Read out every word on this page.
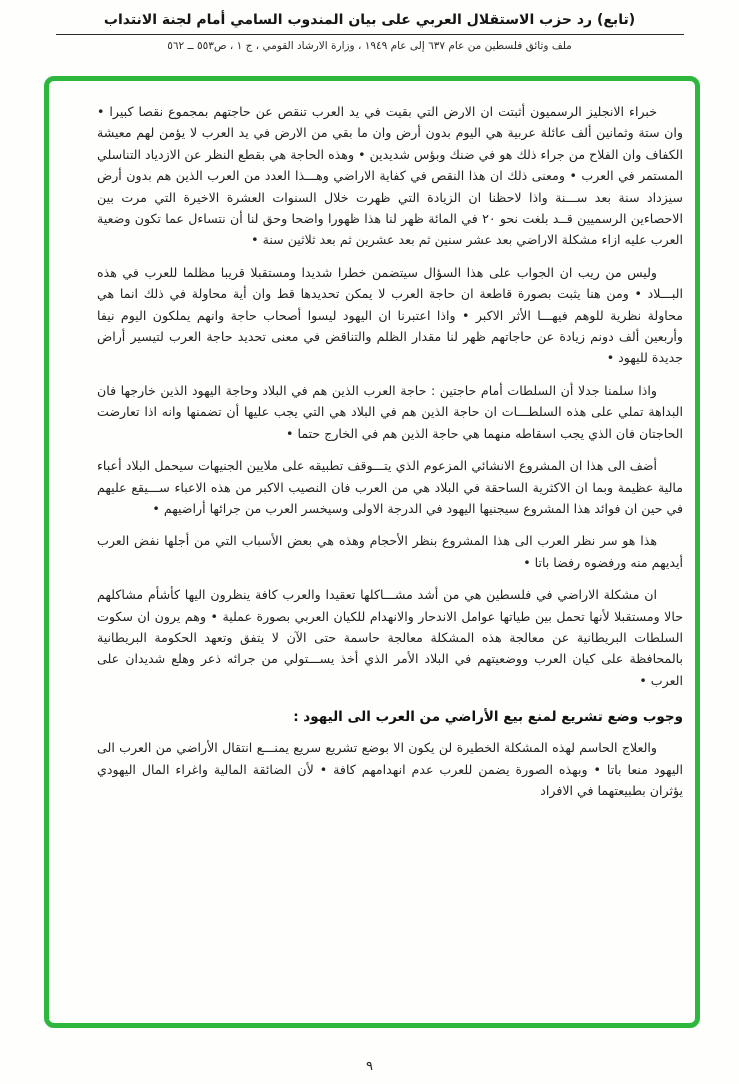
(تابع) رد حزب الاستقلال العربي على بيان المندوب السامي أمام لجنة الانتداب
ملف وثائق فلسطين من عام ٦٣٧ إلى عام ١٩٤٩ ، وزارة الارشاد القومي ، ج ١ ، ص٥٥٣ ــ ٥٦٢

خبراء الانجليز الرسميون أثبتت ان الارض التي بقيت في يد العرب تنقص عن حاجتهم بمجموع نقصا كبيرا • وان ستة وثمانين ألف عائلة عربية هي اليوم بدون أرض وان ما بقي من الارض في يد العرب لا يؤمن لهم معيشة الكفاف وان الفلاح من جراء ذلك هو في ضنك وبؤس شديدين • وهذه الحاجة هي بقطع النظر عن الازدياد التناسلي المستمر في العرب • ومعنى ذلك ان هذا النقص في كفاية الاراضي وهـــذا العدد من العرب الذين هم بدون أرض سيزداد سنة بعد ســـنة واذا لاحظنا ان الزيادة التي ظهرت خلال السنوات العشرة الاخيرة التي مرت بين الاحصاءين الرسميين قــد بلغت نحو ٢٠ في المائة ظهر لنا هذا ظهورا واضحا وحق لنا أن نتساءل عما تكون وضعية العرب عليه ازاء مشكلة الاراضي بعد عشر سنين ثم بعد عشرين ثم بعد ثلاثين سنة •

وليس من ريب ان الجواب على هذا السؤال سيتضمن خطرا شديدا ومستقبلا قريبا مظلما للعرب في هذه البـــلاد • ومن هنا يثبت بصورة قاطعة ان حاجة العرب لا يمكن تحديدها قط وان أية محاولة في ذلك انما هي محاولة نظرية للوهم فيهـــا الأثر الاكبر • واذا اعتبرنا ان اليهود ليسوا أصحاب حاجة وانهم يملكون اليوم نيفا وأربعين ألف دونم زيادة عن حاجاتهم ظهر لنا مقدار الظلم والتناقض في معنى تحديد حاجة العرب لتيسير أراض جديدة لليهود •

واذا سلمنا جدلا أن السلطات أمام حاجتين : حاجة العرب الذين هم في البلاد وحاجة اليهود الذين خارجها فان البداهة تملي على هذه السلطـــات ان حاجة الذين هم في البلاد هي التي يجب عليها أن تضمنها وانه اذا تعارضت الحاجتان فان الذي يجب اسقاطه منهما هي حاجة الذين هم في الخارج حتما •

أضف الى هذا ان المشروع الانشائي المزعوم الذي يتـــوقف تطبيقه على ملايين الجنيهات سيحمل البلاد أعباء مالية عظيمة وبما ان الاكثرية الساحقة في البلاد هي من العرب فان النصيب الاكبر من هذه الاعباء ســـيقع عليهم في حين ان فوائد هذا المشروع سيجنيها اليهود في الدرجة الاولى وسيخسر العرب من جرائها أراضيهم •

هذا هو سر نظر العرب الى هذا المشروع بنظر الأحجام وهذه هي بعض الأسباب التي من أجلها نفض العرب أيديهم منه ورفضوه رفضا باتا •

ان مشكلة الاراضي في فلسطين هي من أشد مشـــاكلها تعقيدا والعرب كافة ينظرون اليها كأشأم مشاكلهم حالا ومستقبلا لأنها تحمل بين طياتها عوامل الاندحار والانهدام للكيان العربي بصورة عملية • وهم يرون ان سكوت السلطات البريطانية عن معالجة هذه المشكلة معالجة حاسمة حتى الآن لا يتفق وتعهد الحكومة البريطانية بالمحافظة على كيان العرب ووضعيتهم في البلاد الأمر الذي أخذ يســـتولي من جرائه ذعر وهلع شديدان على العرب •

وجوب وضع تشريع لمنع بيع الأراضي من العرب الى اليهود :

والعلاج الحاسم لهذه المشكلة الخطيرة لن يكون الا بوضع تشريع سريع يمنـــع انتقال الأراضي من العرب الى اليهود منعا باتا • وبهذه الصورة يضمن للعرب عدم انهدامهم كافة • لأن الضائقة المالية واغراء المال اليهودي يؤثران بطبيعتهما في الافراد

٩
